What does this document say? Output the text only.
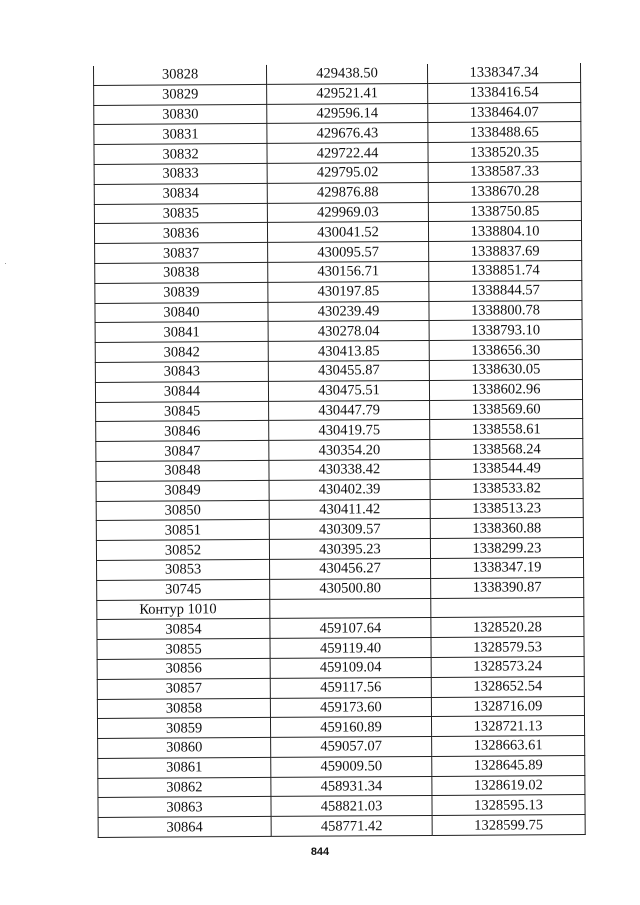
30828	429438.50	1338347.34
30829	429521.41	1338416.54
30830	429596.14	1338464.07
30831	429676.43	1338488.65
30832	429722.44	1338520.35
30833	429795.02	1338587.33
30834	429876.88	1338670.28
30835	429969.03	1338750.85
30836	430041.52	1338804.10
30837	430095.57	1338837.69
30838	430156.71	1338851.74
30839	430197.85	1338844.57
30840	430239.49	1338800.78
30841	430278.04	1338793.10
30842	430413.85	1338656.30
30843	430455.87	1338630.05
30844	430475.51	1338602.96
30845	430447.79	1338569.60
30846	430419.75	1338558.61
30847	430354.20	1338568.24
30848	430338.42	1338544.49
30849	430402.39	1338533.82
30850	430411.42	1338513.23
30851	430309.57	1338360.88
30852	430395.23	1338299.23
30853	430456.27	1338347.19
30745	430500.80	1338390.87
Контур 1010		
30854	459107.64	1328520.28
30855	459119.40	1328579.53
30856	459109.04	1328573.24
30857	459117.56	1328652.54
30858	459173.60	1328716.09
30859	459160.89	1328721.13
30860	459057.07	1328663.61
30861	459009.50	1328645.89
30862	458931.34	1328619.02
30863	458821.03	1328595.13
30864	458771.42	1328599.75
844
